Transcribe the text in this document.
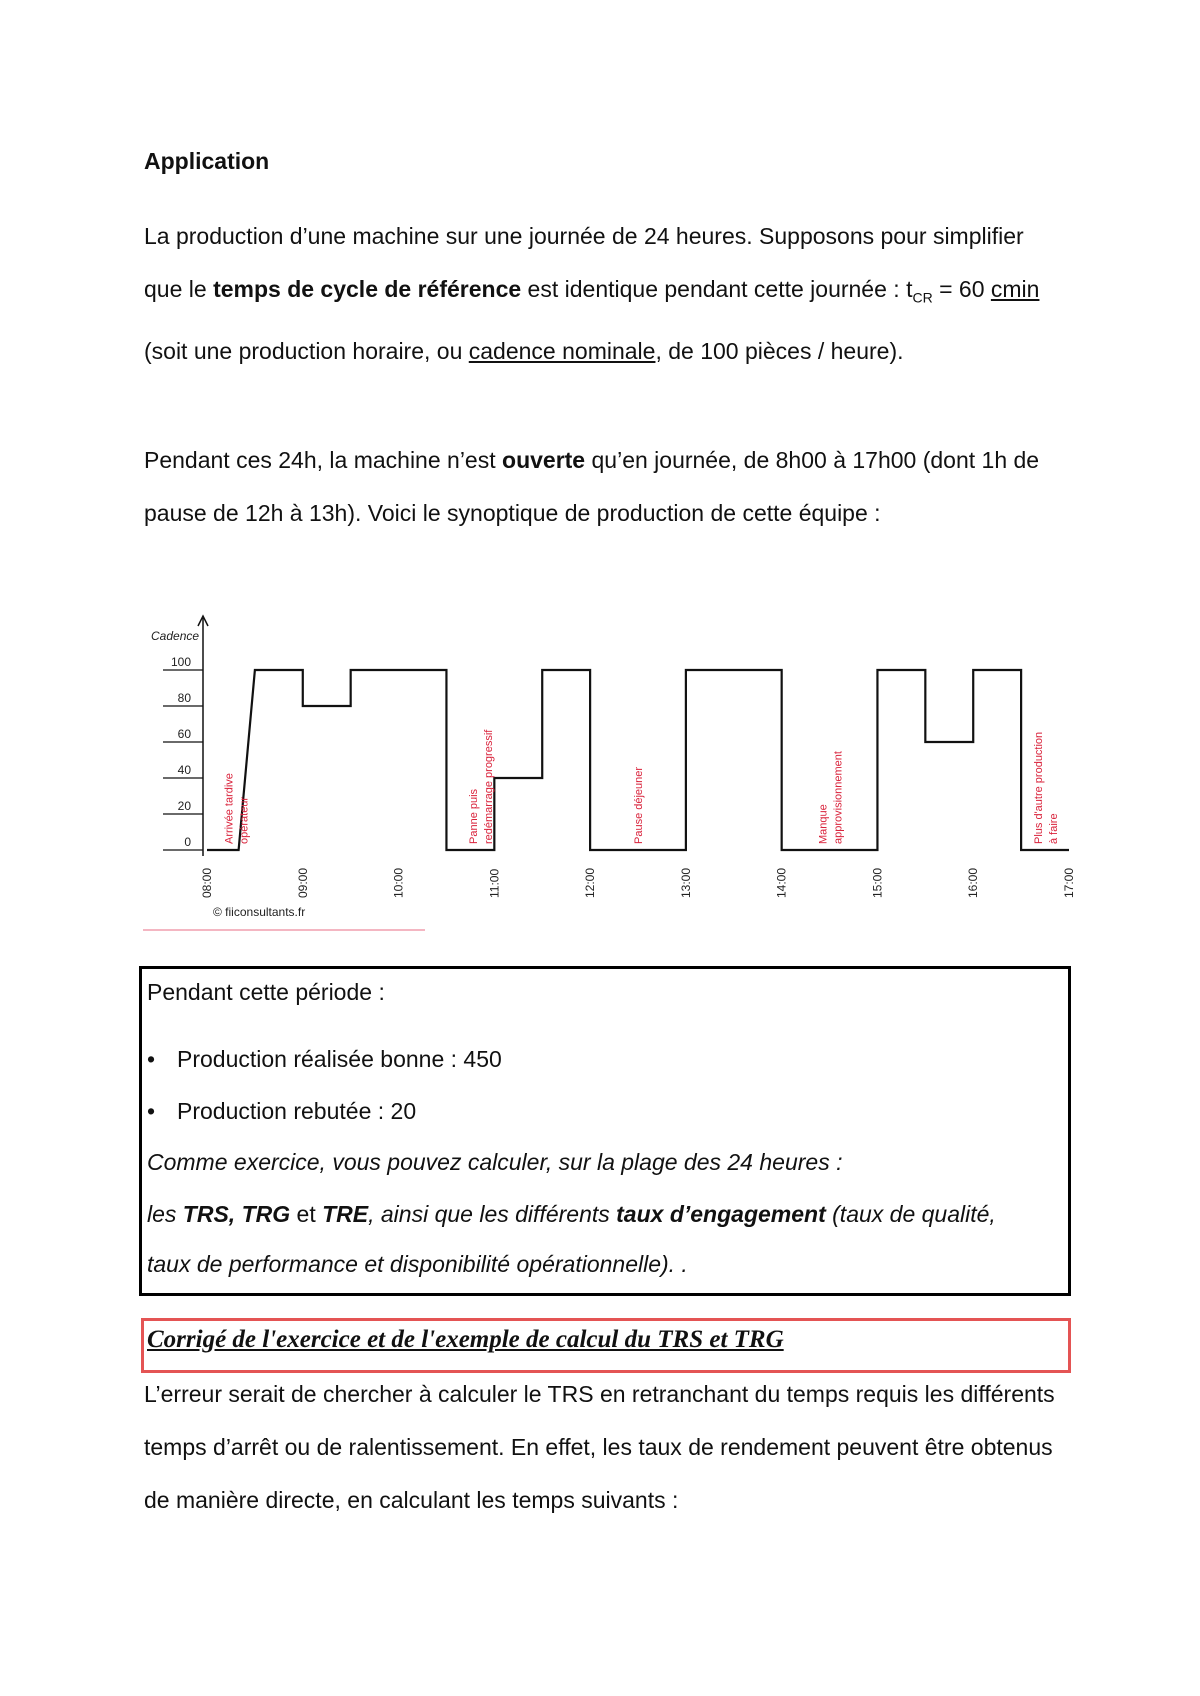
Application
La production d’une machine sur une journée de 24 heures. Supposons pour simplifier que le temps de cycle de référence est identique pendant cette journée : $t_{CR} = 60$ cmin (soit une production horaire, ou cadence nominale, de 100 pièces / heure).
Pendant ces 24h, la machine n’est ouverte qu’en journée, de 8h00 à 17h00 (dont 1h de pause de 12h à 13h). Voici le synoptique de production de cette équipe :
Cadence
© fiiconsultants.fr
0
20
40
60
80
100
08:00	09:00	10:00	11:00	12:00	13:00	14:00	15:00	16:00	17:00
Arrivée tardive opérateur	Panne puis redémarrage progressif	Pause déjeuner	Manque approvisionnement	Plus d'autre production à faire
Pendant cette période :
• Production réalisée bonne : 450
• Production rebutée : 20
Comme exercice, vous pouvez calculer, sur la plage des 24 heures :
les TRS, TRG et TRE, ainsi que les différents taux d’engagement (taux de qualité,
taux de performance et disponibilité opérationnelle). .
Corrigé de l'exercice et de l'exemple de calcul du TRS et TRG
L’erreur serait de chercher à calculer le TRS en retranchant du temps requis les différents temps d’arrêt ou de ralentissement. En effet, les taux de rendement peuvent être obtenus de manière directe, en calculant les temps suivants :
